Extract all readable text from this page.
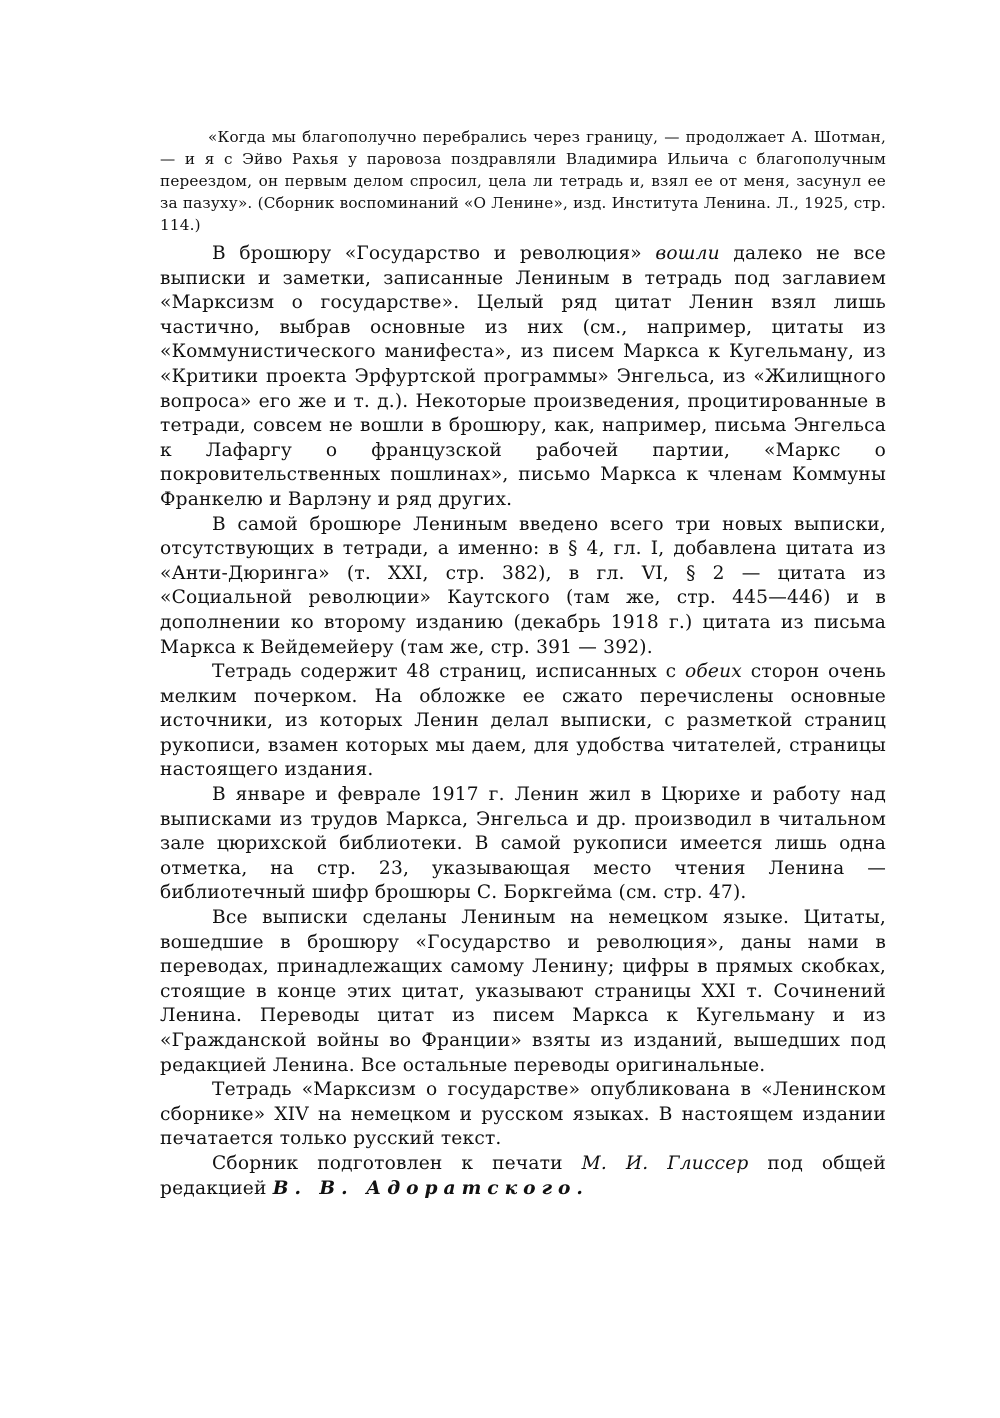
«Когда мы благополучно перебрались через границу, — продолжает А. Шотман, — и я с Эйво Рахья у паровоза поздравляли Владимира Ильича с благополучным переездом, он первым делом спросил, цела ли тетрадь и, взял ее от меня, засунул ее за пазуху». (Сборник воспоминаний «О Ленине», изд. Института Ленина. Л., 1925, стр. 114.)

В брошюру «Государство и революция» вошли далеко не все выписки и заметки, записанные Лениным в тетрадь под заглавием «Марксизм о государстве». Целый ряд цитат Ленин взял лишь частично, выбрав основные из них (см., например, цитаты из «Коммунистического манифеста», из писем Маркса к Кугельману, из «Критики проекта Эрфуртской программы» Энгельса, из «Жилищного вопроса» его же и т. д.). Некоторые произведения, процитированные в тетради, совсем не вошли в брошюру, как, например, письма Энгельса к Лафаргу о французской рабочей партии, «Маркс о покровительственных пошлинах», письмо Маркса к членам Коммуны Франкелю и Варлэну и ряд других.

В самой брошюре Лениным введено всего три новых выписки, отсутствующих в тетради, а именно: в § 4, гл. I, добавлена цитата из «Анти-Дюринга» (т. XXI, стр. 382), в гл. VI, § 2 — цитата из «Социальной революции» Каутского (там же, стр. 445—446) и в дополнении ко второму изданию (декабрь 1918 г.) цитата из письма Маркса к Вейдемейеру (там же, стр. 391 — 392).

Тетрадь содержит 48 страниц, исписанных с обеих сторон очень мелким почерком. На обложке ее сжато перечислены основные источники, из которых Ленин делал выписки, с разметкой страниц рукописи, взамен которых мы даем, для удобства читателей, страницы настоящего издания.

В январе и феврале 1917 г. Ленин жил в Цюрихе и работу над выписками из трудов Маркса, Энгельса и др. производил в читальном зале цюрихской библиотеки. В самой рукописи имеется лишь одна отметка, на стр. 23, указывающая место чтения Ленина — библиотечный шифр брошюры С. Боркгейма (см. стр. 47).

Все выписки сделаны Лениным на немецком языке. Цитаты, вошедшие в брошюру «Государство и революция», даны нами в переводах, принадлежащих самому Ленину; цифры в прямых скобках, стоящие в конце этих цитат, указывают страницы XXI т. Сочинений Ленина. Переводы цитат из писем Маркса к Кугельману и из «Гражданской войны во Франции» взяты из изданий, вышедших под редакцией Ленина. Все остальные переводы оригинальные.

Тетрадь «Марксизм о государстве» опубликована в «Ленинском сборнике» XIV на немецком и русском языках. В настоящем издании печатается только русский текст.

Сборник подготовлен к печати М. И. Глиссер под общей редакцией В. В. Адоратского.
